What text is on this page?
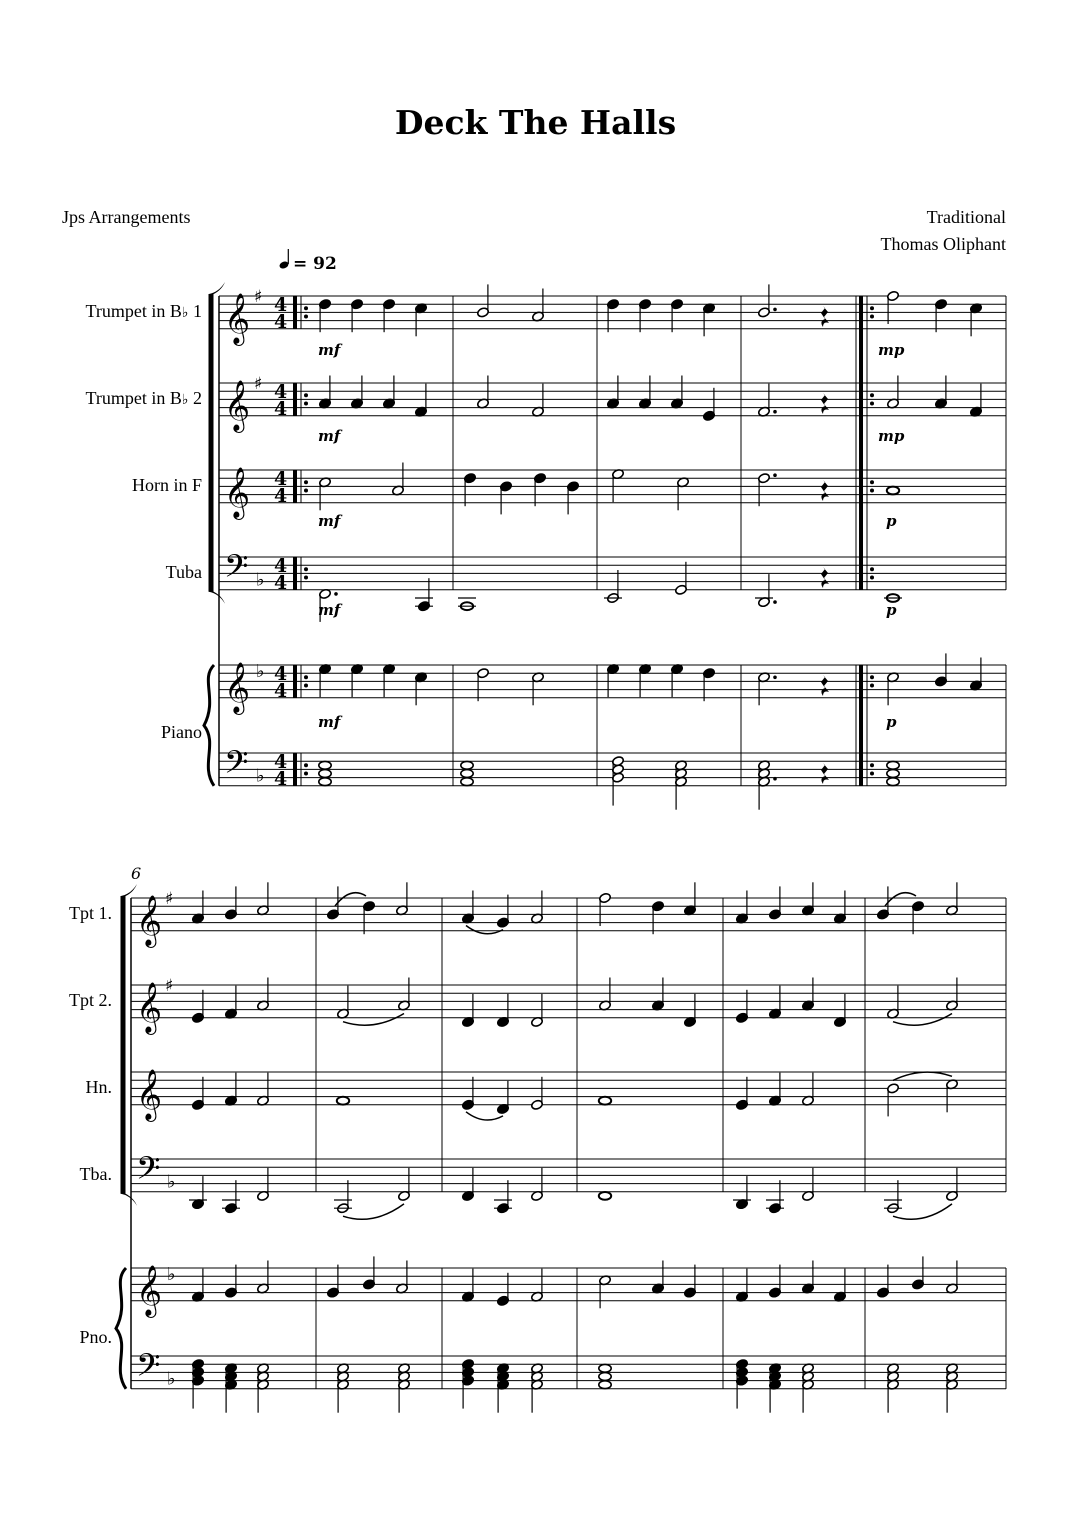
Deck The Halls
Jps Arrangements	Traditional
Thomas Oliphant
Trumpet in B♭ 1
Trumpet in B♭ 2
Horn in F
Tuba
Piano
= 92
𝄞
𝄞
𝄞
𝄢
𝄞
𝄢
♯
♯
♭
♭
♭
4
4
4
4
4
4
4
4
4
4
4
4
mf
mf
mf
mf
mf
mp
mp
p
p
p
Tpt 1.
Tpt 2.
Hn.
Tba.
Pno.
6
𝄞
𝄞
𝄞
𝄢
𝄞
𝄢
♯
♯
♭
♭
♭
